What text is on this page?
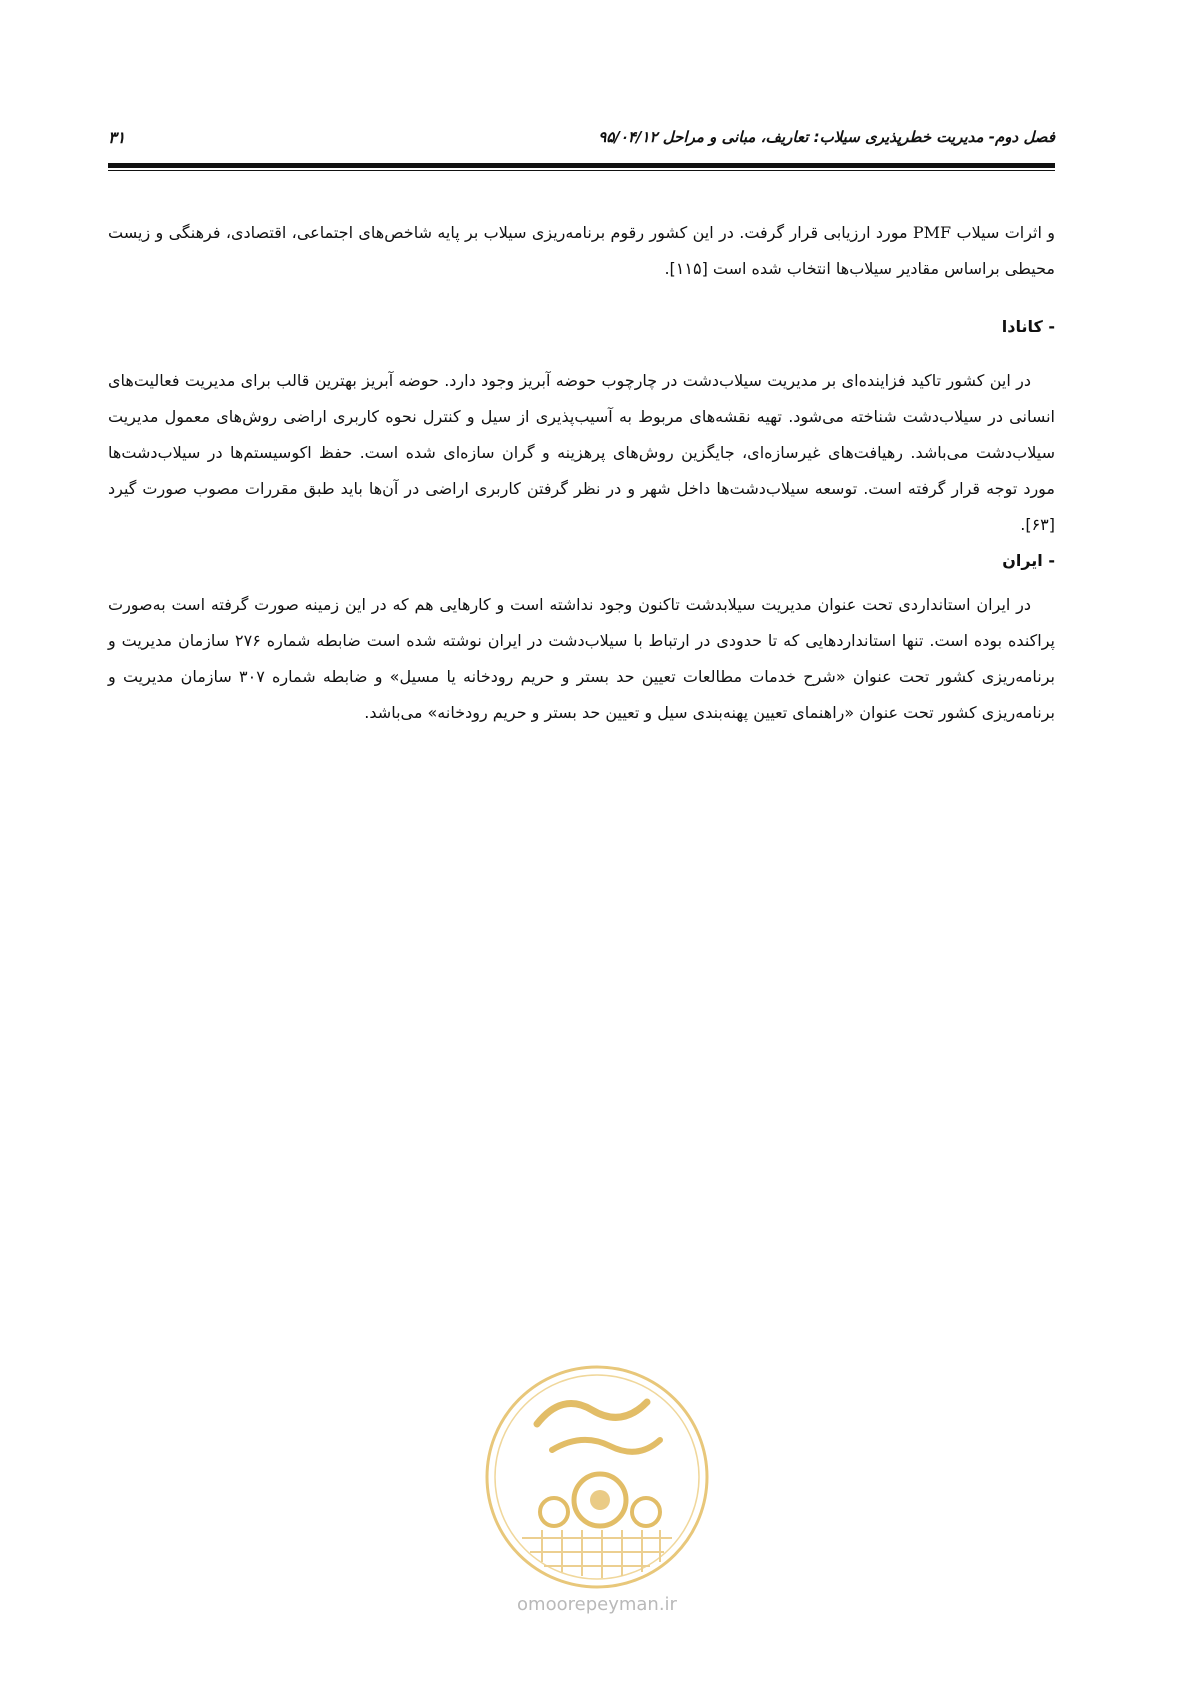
فصل دوم- مدیریت خطرپذیری سیلاب: تعاریف، مبانی و مراحل ۹۵/۰۴/۱۲
۳۱

و اثرات سیلاب PMF مورد ارزیابی قرار گرفت. در این کشور رقوم برنامه‌ریزی سیلاب بر پایه شاخص‌های اجتماعی، اقتصادی، فرهنگی و زیست محیطی براساس مقادیر سیلاب‌ها انتخاب شده است [۱۱۵].

- کانادا

در این کشور تاکید فزاینده‌ای بر مدیریت سیلاب‌دشت در چارچوب حوضه آبریز وجود دارد. حوضه آبریز بهترین قالب برای مدیریت فعالیت‌های انسانی در سیلاب‌دشت شناخته می‌شود. تهیه نقشه‌های مربوط به آسیب‌پذیری از سیل و کنترل نحوه کاربری اراضی روش‌های معمول مدیریت سیلاب‌دشت می‌باشد. رهیافت‌های غیرسازه‌ای، جایگزین روش‌های پرهزینه و گران سازه‌ای شده است. حفظ اکوسیستم‌ها در سیلاب‌دشت‌ها مورد توجه قرار گرفته است. توسعه سیلاب‌دشت‌ها داخل شهر و در نظر گرفتن کاربری اراضی در آن‌ها باید طبق مقررات مصوب صورت گیرد [۶۳].

- ایران

در ایران استانداردی تحت عنوان مدیریت سیلابدشت تاکنون وجود نداشته است و کارهایی هم که در این زمینه صورت گرفته است به‌صورت پراکنده بوده است. تنها استانداردهایی که تا حدودی در ارتباط با سیلاب‌دشت در ایران نوشته شده است ضابطه شماره ۲۷۶ سازمان مدیریت و برنامه‌ریزی کشور تحت عنوان «شرح خدمات مطالعات تعیین حد بستر و حریم رودخانه یا مسیل» و ضابطه شماره ۳۰۷ سازمان مدیریت و برنامه‌ریزی کشور تحت عنوان «راهنمای تعیین پهنه‌بندی سیل و تعیین حد بستر و حریم رودخانه» می‌باشد.

omoorepeyman.ir
